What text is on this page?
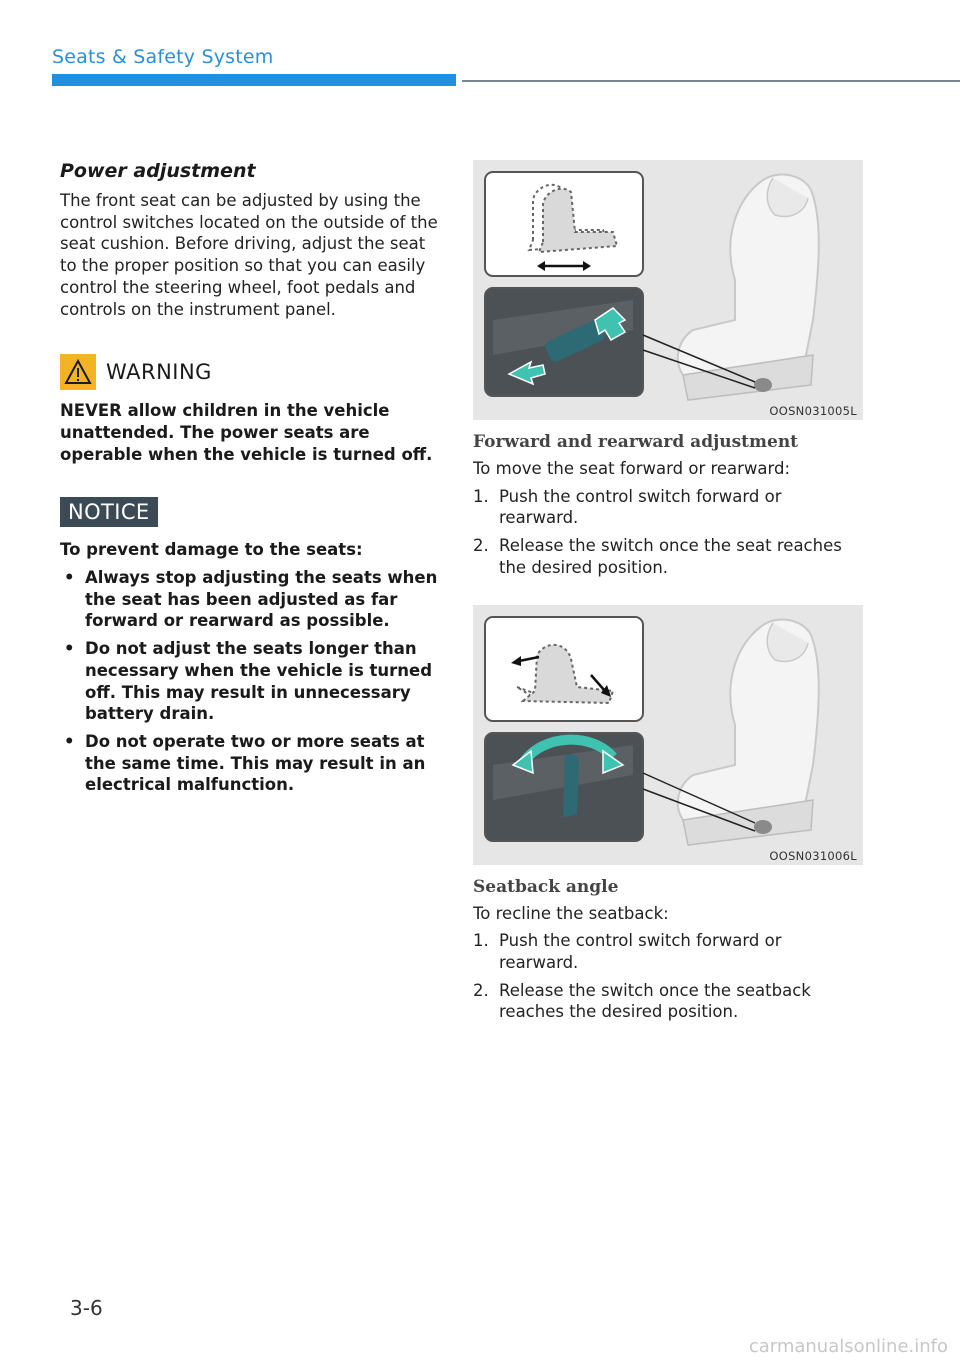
Seats & Safety System
Power adjustment
The front seat can be adjusted by using the control switches located on the outside of the seat cushion. Before driving, adjust the seat to the proper position so that you can easily control the steering wheel, foot pedals and controls on the instrument panel.
WARNING
NEVER allow children in the vehicle unattended. The power seats are operable when the vehicle is turned off.
NOTICE
To prevent damage to the seats:
• Always stop adjusting the seats when the seat has been adjusted as far forward or rearward as possible.
• Do not adjust the seats longer than necessary when the vehicle is turned off. This may result in unnecessary battery drain.
• Do not operate two or more seats at the same time. This may result in an electrical malfunction.
OOSN031005L
Forward and rearward adjustment
To move the seat forward or rearward:
1. Push the control switch forward or rearward.
2. Release the switch once the seat reaches the desired position.
OOSN031006L
Seatback angle
To recline the seatback:
1. Push the control switch forward or rearward.
2. Release the switch once the seatback reaches the desired position.
3-6
carmanualsonline.info
